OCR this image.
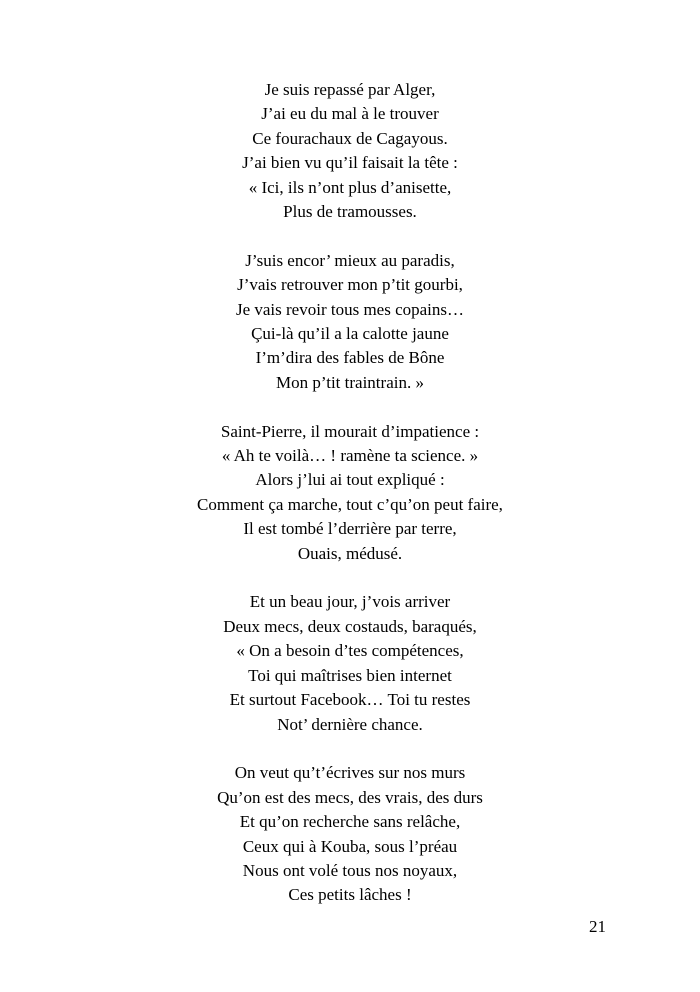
Je suis repassé par Alger,
J’ai eu du mal à le trouver
Ce fourachaux de Cagayous.
J’ai bien vu qu’il faisait la tête :
« Ici, ils n’ont plus d’anisette,
Plus de tramousses.
J’suis encor’ mieux au paradis,
J’vais retrouver mon p’tit gourbi,
Je vais revoir tous mes copains…
Çui-là qu’il a la calotte jaune
I’m’dira des fables de Bône
Mon p’tit traintrain. »
Saint-Pierre, il mourait d’impatience :
« Ah te voilà… ! ramène ta science. »
Alors j’lui ai tout expliqué :
Comment ça marche, tout c’qu’on peut faire,
Il est tombé l’derrière par terre,
Ouais, médusé.
Et un beau jour, j’vois arriver
Deux mecs, deux costauds, baraqués,
« On a besoin d’tes compétences,
Toi qui maîtrises bien internet
Et surtout Facebook… Toi tu restes
Not’ dernière chance.
On veut qu’t’écrives sur nos murs
Qu’on est des mecs, des vrais, des durs
Et qu’on recherche sans relâche,
Ceux qui à Kouba, sous l’préau
Nous ont volé tous nos noyaux,
Ces petits lâches !
21
